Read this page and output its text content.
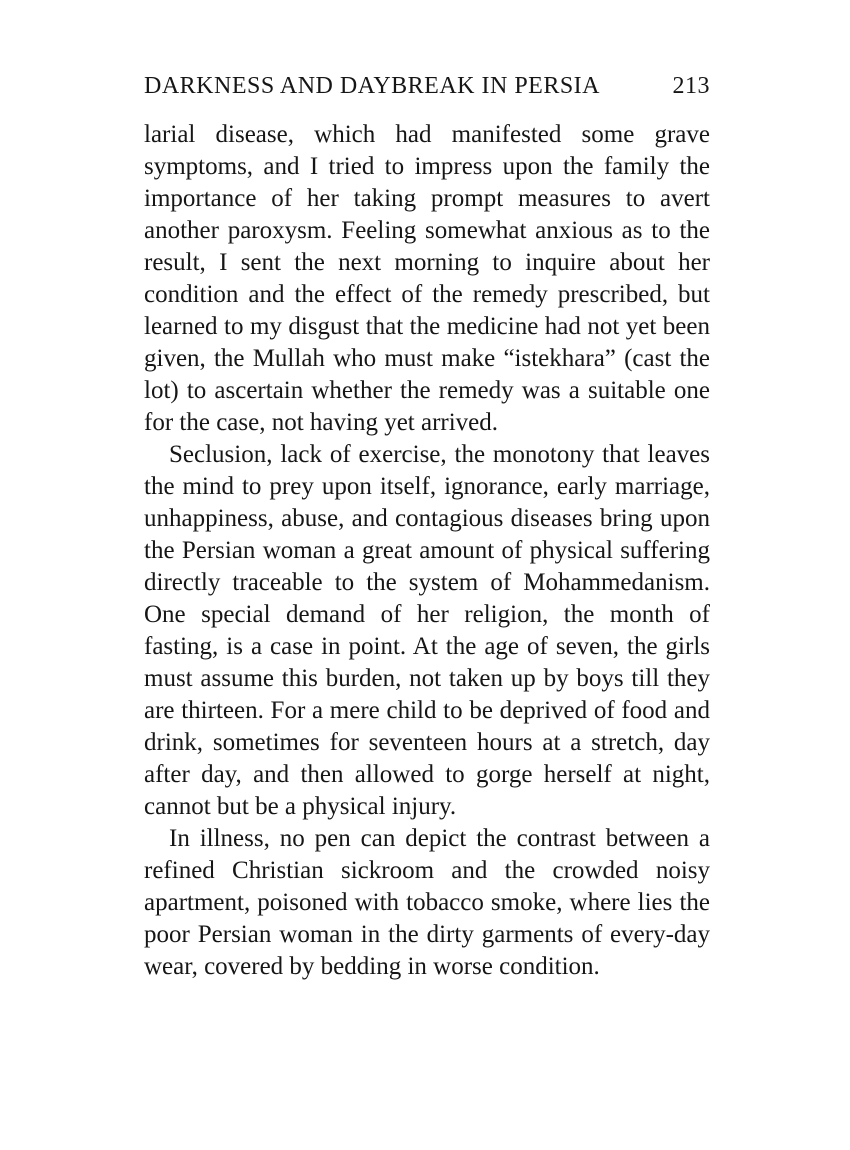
DARKNESS AND DAYBREAK IN PERSIA	213

larial disease, which had manifested some grave symptoms, and I tried to impress upon the family the importance of her taking prompt measures to avert another paroxysm. Feeling somewhat anxious as to the result, I sent the next morning to inquire about her condition and the effect of the remedy prescribed, but learned to my disgust that the medicine had not yet been given, the Mullah who must make “istekhara” (cast the lot) to ascertain whether the remedy was a suitable one for the case, not having yet arrived.

Seclusion, lack of exercise, the monotony that leaves the mind to prey upon itself, ignorance, early marriage, unhappiness, abuse, and contagious diseases bring upon the Persian woman a great amount of physical suffering directly traceable to the system of Mohammedanism. One special demand of her religion, the month of fasting, is a case in point. At the age of seven, the girls must assume this burden, not taken up by boys till they are thirteen. For a mere child to be deprived of food and drink, sometimes for seventeen hours at a stretch, day after day, and then allowed to gorge herself at night, cannot but be a physical injury.

In illness, no pen can depict the contrast between a refined Christian sickroom and the crowded noisy apartment, poisoned with tobacco smoke, where lies the poor Persian woman in the dirty garments of every-day wear, covered by bedding in worse condition.
